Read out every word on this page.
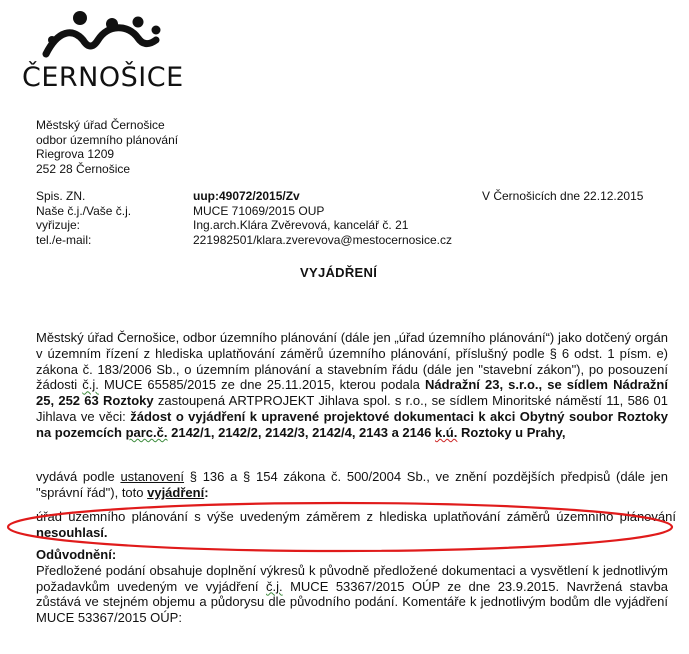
ČERNOŠICE
Městský úřad Černošice
odbor územního plánování
Riegrova 1209
252 28 Černošice
Spis. ZN.
Naše č.j./Vaše č.j.
vyřizuje:
tel./e-mail:
uup:49072/2015/Zv
MUCE 71069/2015 OUP
Ing.arch.Klára Zvěrevová, kancelář č. 21
221982501/klara.zverevova@mestocernosice.cz
V Černošicích dne 22.12.2015
VYJÁDŘENÍ
Městský úřad Černošice, odbor územního plánování (dále jen „úřad územního plánování“) jako dotčený orgán v územním řízení z hlediska uplatňování záměrů územního plánování, příslušný podle § 6 odst. 1 písm. e) zákona č. 183/2006 Sb., o územním plánování a stavebním řádu (dále jen "stavební zákon"), po posouzení žádosti č.j. MUCE 65585/2015 ze dne 25.11.2015, kterou podala Nádražní 23, s.r.o., se sídlem Nádražní 25, 252 63 Roztoky zastoupená ARTPROJEKT Jihlava spol. s r.o., se sídlem Minoritské náměstí 11, 586 01 Jihlava ve věci: žádost o vyjádření k upravené projektové dokumentaci k akci Obytný soubor Roztoky na pozemcích parc.č. 2142/1, 2142/2, 2142/3, 2142/4, 2143 a 2146 k.ú. Roztoky u Prahy,
vydává podle ustanovení § 136 a § 154 zákona č. 500/2004 Sb., ve znění pozdějších předpisů (dále jen "správní řád"), toto vyjádření:
úřad územního plánování s výše uvedeným záměrem z hlediska uplatňování záměrů územního plánování nesouhlasí.
Odůvodnění:
Předložené podání obsahuje doplnění výkresů k původně předložené dokumentaci a vysvětlení k jednotlivým požadavkům uvedeným ve vyjádření č.j. MUCE 53367/2015 OÚP ze dne 23.9.2015. Navržená stavba zůstává ve stejném objemu a půdorysu dle původního podání. Komentáře k jednotlivým bodům dle vyjádření MUCE 53367/2015 OÚP:
